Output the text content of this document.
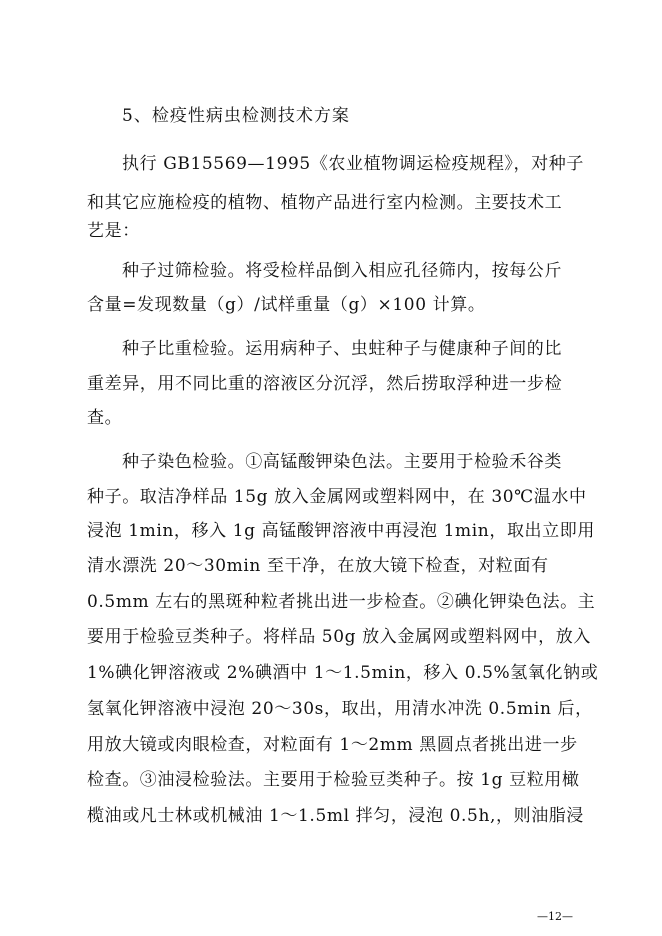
5、检疫性病虫检测技术方案
执行 GB15569—1995《农业植物调运检疫规程》，对种子
和其它应施检疫的植物、植物产品进行室内检测。主要技术工
艺是：
种子过筛检验。将受检样品倒入相应孔径筛内，按每公斤
含量=发现数量（g）/试样重量（g）×100 计算。
种子比重检验。运用病种子、虫蛀种子与健康种子间的比
重差异，用不同比重的溶液区分沉浮，然后捞取浮种进一步检
查。
种子染色检验。①高锰酸钾染色法。主要用于检验禾谷类
种子。取洁净样品 15g 放入金属网或塑料网中，在 30℃温水中
浸泡 1min，移入 1g 高锰酸钾溶液中再浸泡 1min，取出立即用
清水漂洗 20～30min 至干净，在放大镜下检查，对粒面有
0.5mm 左右的黑斑种粒者挑出进一步检查。②碘化钾染色法。主
要用于检验豆类种子。将样品 50g 放入金属网或塑料网中，放入
1%碘化钾溶液或 2%碘酒中 1～1.5min，移入 0.5%氢氧化钠或
氢氧化钾溶液中浸泡 20～30s，取出，用清水冲洗 0.5min 后，
用放大镜或肉眼检查，对粒面有 1～2mm 黑圆点者挑出进一步
检查。③油浸检验法。主要用于检验豆类种子。按 1g 豆粒用橄
榄油或凡士林或机械油 1～1.5ml 拌匀，浸泡 0.5h,，则油脂浸
—12—
